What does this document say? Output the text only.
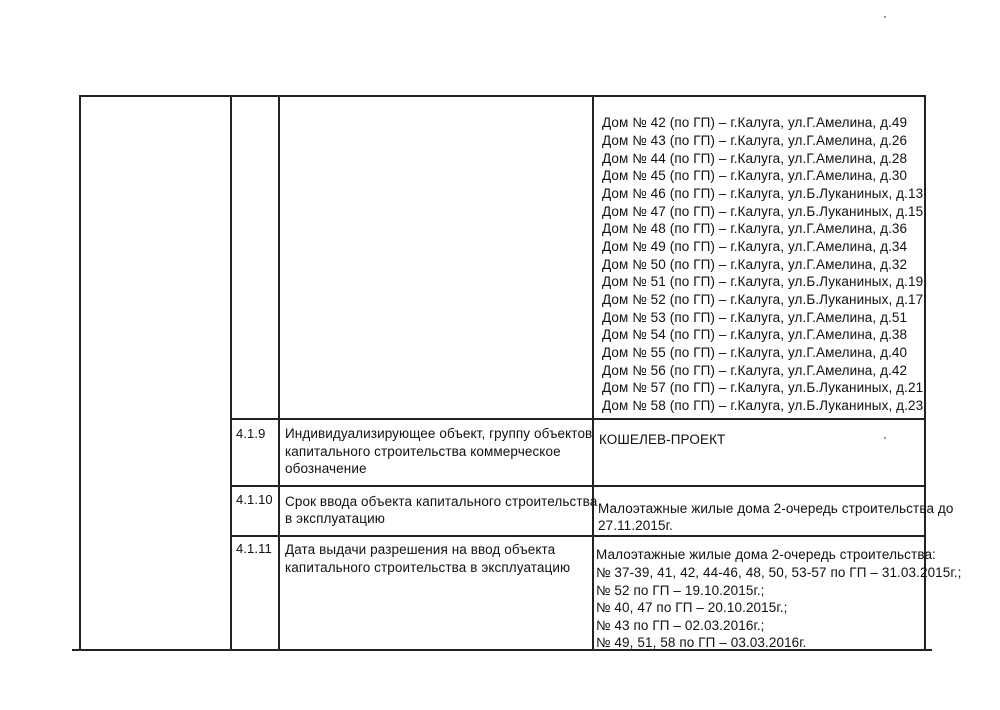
Дом № 42 (по ГП) – г.Калуга, ул.Г.Амелина, д.49
Дом № 43 (по ГП) – г.Калуга, ул.Г.Амелина, д.26
Дом № 44 (по ГП) – г.Калуга, ул.Г.Амелина, д.28
Дом № 45 (по ГП) – г.Калуга, ул.Г.Амелина, д.30
Дом № 46 (по ГП) – г.Калуга, ул.Б.Луканиных, д.13
Дом № 47 (по ГП) – г.Калуга, ул.Б.Луканиных, д.15
Дом № 48 (по ГП) – г.Калуга, ул.Г.Амелина, д.36
Дом № 49 (по ГП) – г.Калуга, ул.Г.Амелина, д.34
Дом № 50 (по ГП) – г.Калуга, ул.Г.Амелина, д.32
Дом № 51 (по ГП) – г.Калуга, ул.Б.Луканиных, д.19
Дом № 52 (по ГП) – г.Калуга, ул.Б.Луканиных, д.17
Дом № 53 (по ГП) – г.Калуга, ул.Г.Амелина, д.51
Дом № 54 (по ГП) – г.Калуга, ул.Г.Амелина, д.38
Дом № 55 (по ГП) – г.Калуга, ул.Г.Амелина, д.40
Дом № 56 (по ГП) – г.Калуга, ул.Г.Амелина, д.42
Дом № 57 (по ГП) – г.Калуга, ул.Б.Луканиных, д.21
Дом № 58 (по ГП) – г.Калуга, ул.Б.Луканиных, д.23
4.1.9 Индивидуализирующее объект, группу объектов
капитального строительства коммерческое
обозначение
КОШЕЛЕВ-ПРОЕКТ
4.1.10 Срок ввода объекта капитального строительства
в эксплуатацию
Малоэтажные жилые дома 2-очередь строительства до
27.11.2015г.
4.1.11 Дата выдачи разрешения на ввод объекта
капитального строительства в эксплуатацию
Малоэтажные жилые дома 2-очередь строительства:
№ 37-39, 41, 42, 44-46, 48, 50, 53-57 по ГП – 31.03.2015г.;
№ 52 по ГП – 19.10.2015г.;
№ 40, 47 по ГП – 20.10.2015г.;
№ 43 по ГП – 02.03.2016г.;
№ 49, 51, 58 по ГП – 03.03.2016г.
